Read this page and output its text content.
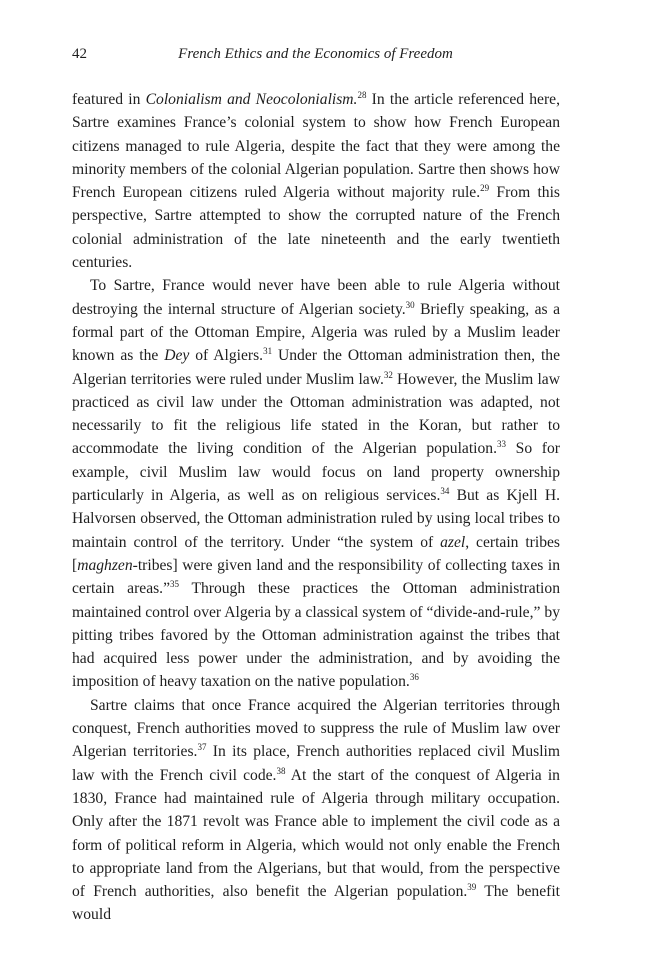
42	French Ethics and the Economics of Freedom

featured in Colonialism and Neocolonialism.$^{28}$ In the article referenced here, Sartre examines France’s colonial system to show how French European citizens managed to rule Algeria, despite the fact that they were among the minority members of the colonial Algerian population. Sartre then shows how French European citizens ruled Algeria without majority rule.$^{29}$ From this perspective, Sartre attempted to show the corrupted nature of the French colonial administration of the late nineteenth and the early twentieth centuries.

To Sartre, France would never have been able to rule Algeria without destroying the internal structure of Algerian society.$^{30}$ Briefly speaking, as a formal part of the Ottoman Empire, Algeria was ruled by a Muslim leader known as the Dey of Algiers.$^{31}$ Under the Ottoman administration then, the Algerian territories were ruled under Muslim law.$^{32}$ However, the Muslim law practiced as civil law under the Ottoman administration was adapted, not necessarily to fit the religious life stated in the Koran, but rather to accommodate the living condition of the Algerian population.$^{33}$ So for example, civil Muslim law would focus on land property ownership particularly in Algeria, as well as on religious services.$^{34}$ But as Kjell H. Halvorsen observed, the Ottoman administration ruled by using local tribes to maintain control of the territory. Under “the system of azel, certain tribes [maghzen-tribes] were given land and the responsibility of collecting taxes in certain areas.”$^{35}$ Through these practices the Ottoman administration maintained control over Algeria by a classical system of “divide-and-rule,” by pitting tribes favored by the Ottoman administration against the tribes that had acquired less power under the administration, and by avoiding the imposition of heavy taxation on the native population.$^{36}$

Sartre claims that once France acquired the Algerian territories through conquest, French authorities moved to suppress the rule of Muslim law over Algerian territories.$^{37}$ In its place, French authorities replaced civil Muslim law with the French civil code.$^{38}$ At the start of the conquest of Algeria in 1830, France had maintained rule of Algeria through military occupation. Only after the 1871 revolt was France able to implement the civil code as a form of political reform in Algeria, which would not only enable the French to appropriate land from the Algerians, but that would, from the perspective of French authorities, also benefit the Algerian population.$^{39}$ The benefit would
